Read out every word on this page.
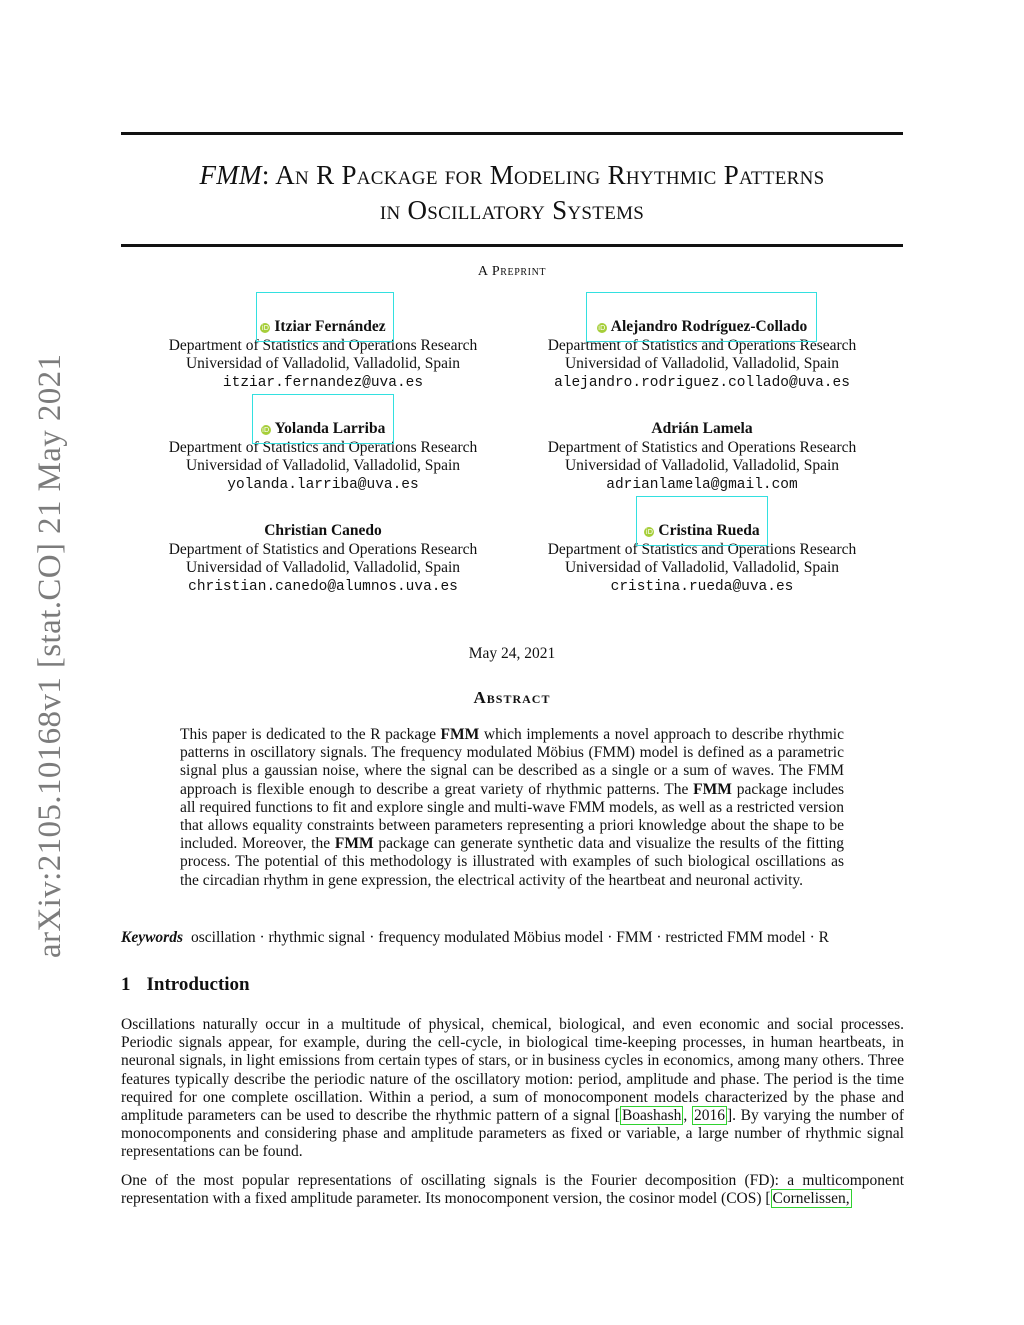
arXiv:2105.10168v1 [stat.CO] 21 May 2021
FMM: An R Package for Modeling Rhythmic Patterns
in Oscillatory Systems
A Preprint
iD Itziar Fernández
Department of Statistics and Operations Research
Universidad of Valladolid, Valladolid, Spain
itziar.fernandez@uva.es
iD Alejandro Rodríguez-Collado
Department of Statistics and Operations Research
Universidad of Valladolid, Valladolid, Spain
alejandro.rodriguez.collado@uva.es
iD Yolanda Larriba
Department of Statistics and Operations Research
Universidad of Valladolid, Valladolid, Spain
yolanda.larriba@uva.es
Adrián Lamela
Department of Statistics and Operations Research
Universidad of Valladolid, Valladolid, Spain
adrianlamela@gmail.com
Christian Canedo
Department of Statistics and Operations Research
Universidad of Valladolid, Valladolid, Spain
christian.canedo@alumnos.uva.es
iD Cristina Rueda
Department of Statistics and Operations Research
Universidad of Valladolid, Valladolid, Spain
cristina.rueda@uva.es
May 24, 2021
Abstract
This paper is dedicated to the R package FMM which implements a novel approach to describe rhythmic patterns in oscillatory signals. The frequency modulated Möbius (FMM) model is defined as a parametric signal plus a gaussian noise, where the signal can be described as a single or a sum of waves. The FMM approach is flexible enough to describe a great variety of rhythmic patterns. The FMM package includes all required functions to fit and explore single and multi-wave FMM models, as well as a restricted version that allows equality constraints between parameters representing a priori knowledge about the shape to be included. Moreover, the FMM package can generate synthetic data and visualize the results of the fitting process. The potential of this methodology is illustrated with examples of such biological oscillations as the circadian rhythm in gene expression, the electrical activity of the heartbeat and neuronal activity.
Keywords oscillation · rhythmic signal · frequency modulated Möbius model · FMM · restricted FMM model · R
1 Introduction
Oscillations naturally occur in a multitude of physical, chemical, biological, and even economic and social processes. Periodic signals appear, for example, during the cell-cycle, in biological time-keeping processes, in human heartbeats, in neuronal signals, in light emissions from certain types of stars, or in business cycles in economics, among many others. Three features typically describe the periodic nature of the oscillatory motion: period, amplitude and phase. The period is the time required for one complete oscillation. Within a period, a sum of monocomponent models characterized by the phase and amplitude parameters can be used to describe the rhythmic pattern of a signal [ Boashash , 2016 ]. By varying the number of monocomponents and considering phase and amplitude parameters as fixed or variable, a large number of rhythmic signal representations can be found.
One of the most popular representations of oscillating signals is the Fourier decomposition (FD): a multicomponent representation with a fixed amplitude parameter. Its monocomponent version, the cosinor model (COS) [ Cornelissen,
